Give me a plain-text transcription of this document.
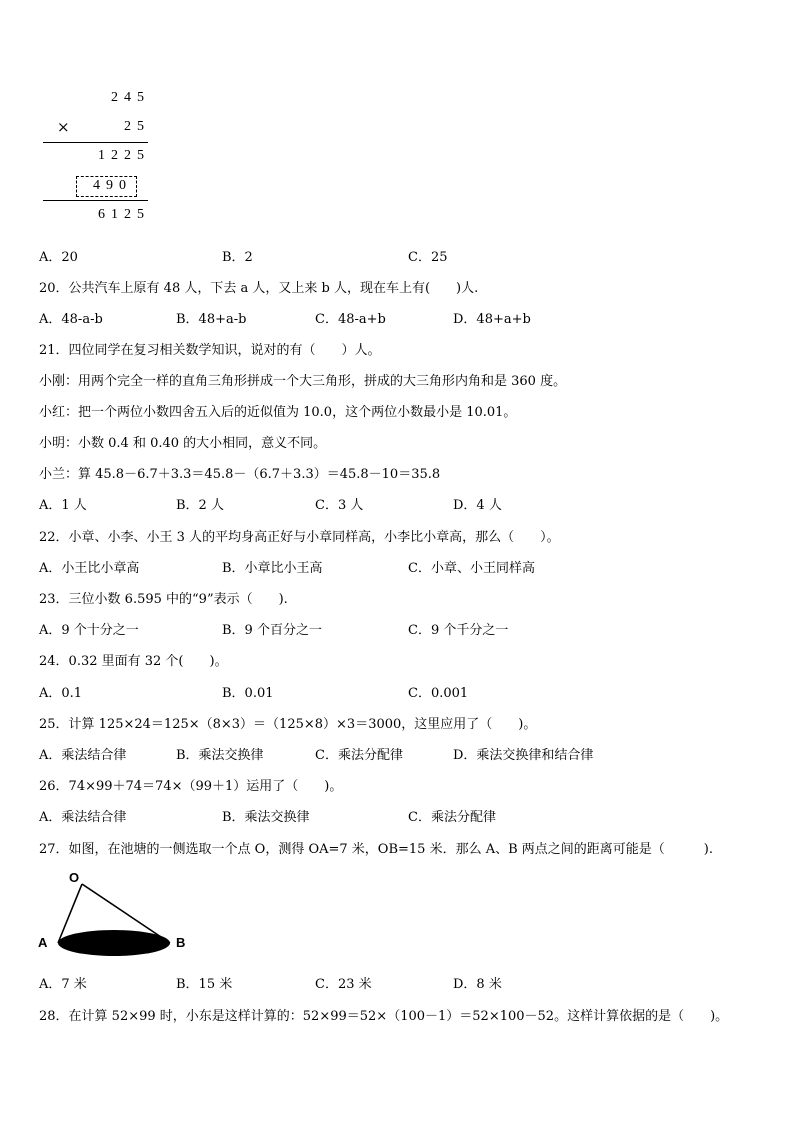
245
×	25
1225
490
6125
A．20	B．2	C．25
20．公共汽车上原有 48 人，下去 a 人，又上来 b 人，现在车上有(　　)人.
A．48-a-b	B．48+a-b	C．48-a+b	D．48+a+b
21．四位同学在复习相关数学知识，说对的有（　　）人。
小刚：用两个完全一样的直角三角形拼成一个大三角形，拼成的大三角形内角和是 360 度。
小红：把一个两位小数四舍五入后的近似值为 10.0，这个两位小数最小是 10.01。
小明：小数 0.4 和 0.40 的大小相同，意义不同。
小兰：算 45.8－6.7＋3.3＝45.8－（6.7＋3.3）＝45.8－10＝35.8
A．1 人	B．2 人	C．3 人	D．4 人
22．小章、小李、小王 3 人的平均身高正好与小章同样高，小李比小章高，那么（　　）。
A．小王比小章高	B．小章比小王高	C．小章、小王同样高
23．三位小数 6.595 中的“9”表示（　　).
A．9 个十分之一	B．9 个百分之一	C．9 个千分之一
24．0.32 里面有 32 个(　　)。
A．0.1	B．0.01	C．0.001
25．计算 125×24＝125×（8×3）＝（125×8）×3＝3000，这里应用了（　　)。
A．乘法结合律	B．乘法交换律	C．乘法分配律	D．乘法交换律和结合律
26．74×99＋74＝74×（99＋1）运用了（　　)。
A．乘法结合律	B．乘法交换律	C．乘法分配律
27．如图，在池塘的一侧选取一个点 O，测得 OA=7 米，OB=15 米．那么 A、B 两点之间的距离可能是（　　　).
O
A	B
A．7 米	B．15 米	C．23 米	D．8 米
28．在计算 52×99 时，小东是这样计算的：52×99＝52×（100－1）＝52×100－52。这样计算依据的是（　　)。
